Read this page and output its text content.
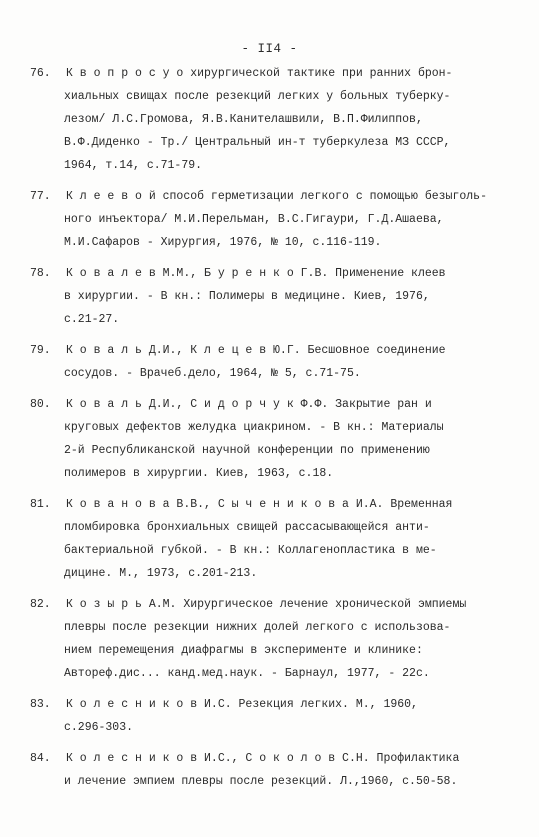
- II4 -
76.	К в о п р о с у о хирургической тактике при ранних брон-
хиальных свищах после резекций легких у больных туберку-
лезом/ Л.С.Громова, Я.В.Канителашвили, В.П.Филиппов,
В.Ф.Диденко - Тр./ Центральный ин-т туберкулеза МЗ СССР,
1964, т.14, с.71-79.
77.	К л е е в о й способ герметизации легкого с помощью безыголь-
ного инъектора/ М.И.Перельман, В.С.Гигаури, Г.Д.Ашаева,
М.И.Сафаров - Хирургия, 1976, № 10, с.116-119.
78.	К о в а л е в М.М., Б у р е н к о Г.В. Применение клеев
в хирургии. - В кн.: Полимеры в медицине. Киев, 1976,
с.21-27.
79.	К о в а л ь Д.И., К л е ц е в Ю.Г. Бесшовное соединение
сосудов. - Врачеб.дело, 1964, № 5, с.71-75.
80.	К о в а л ь Д.И., С и д о р ч у к Ф.Ф. Закрытие ран и
круговых дефектов желудка циакрином. - В кн.: Материалы
2-й Республиканской научной конференции по применению
полимеров в хирургии. Киев, 1963, с.18.
81.	К о в а н о в а В.В., С ы ч е н и к о в а И.А. Временная
пломбировка бронхиальных свищей рассасывающейся анти-
бактериальной губкой. - В кн.: Коллагенопластика в ме-
дицине. М., 1973, с.201-213.
82.	К о з ы р ь А.М. Хирургическое лечение хронической эмпиемы
плевры после резекции нижних долей легкого с использова-
нием перемещения диафрагмы в эксперименте и клинике:
Автореф.дис... канд.мед.наук. - Барнаул, 1977, - 22с.
83.	К о л е с н и к о в И.С. Резекция легких. М., 1960,
с.296-303.
84.	К о л е с н и к о в И.С., С о к о л о в С.Н. Профилактика
и лечение эмпием плевры после резекций. Л.,1960, с.50-58.
